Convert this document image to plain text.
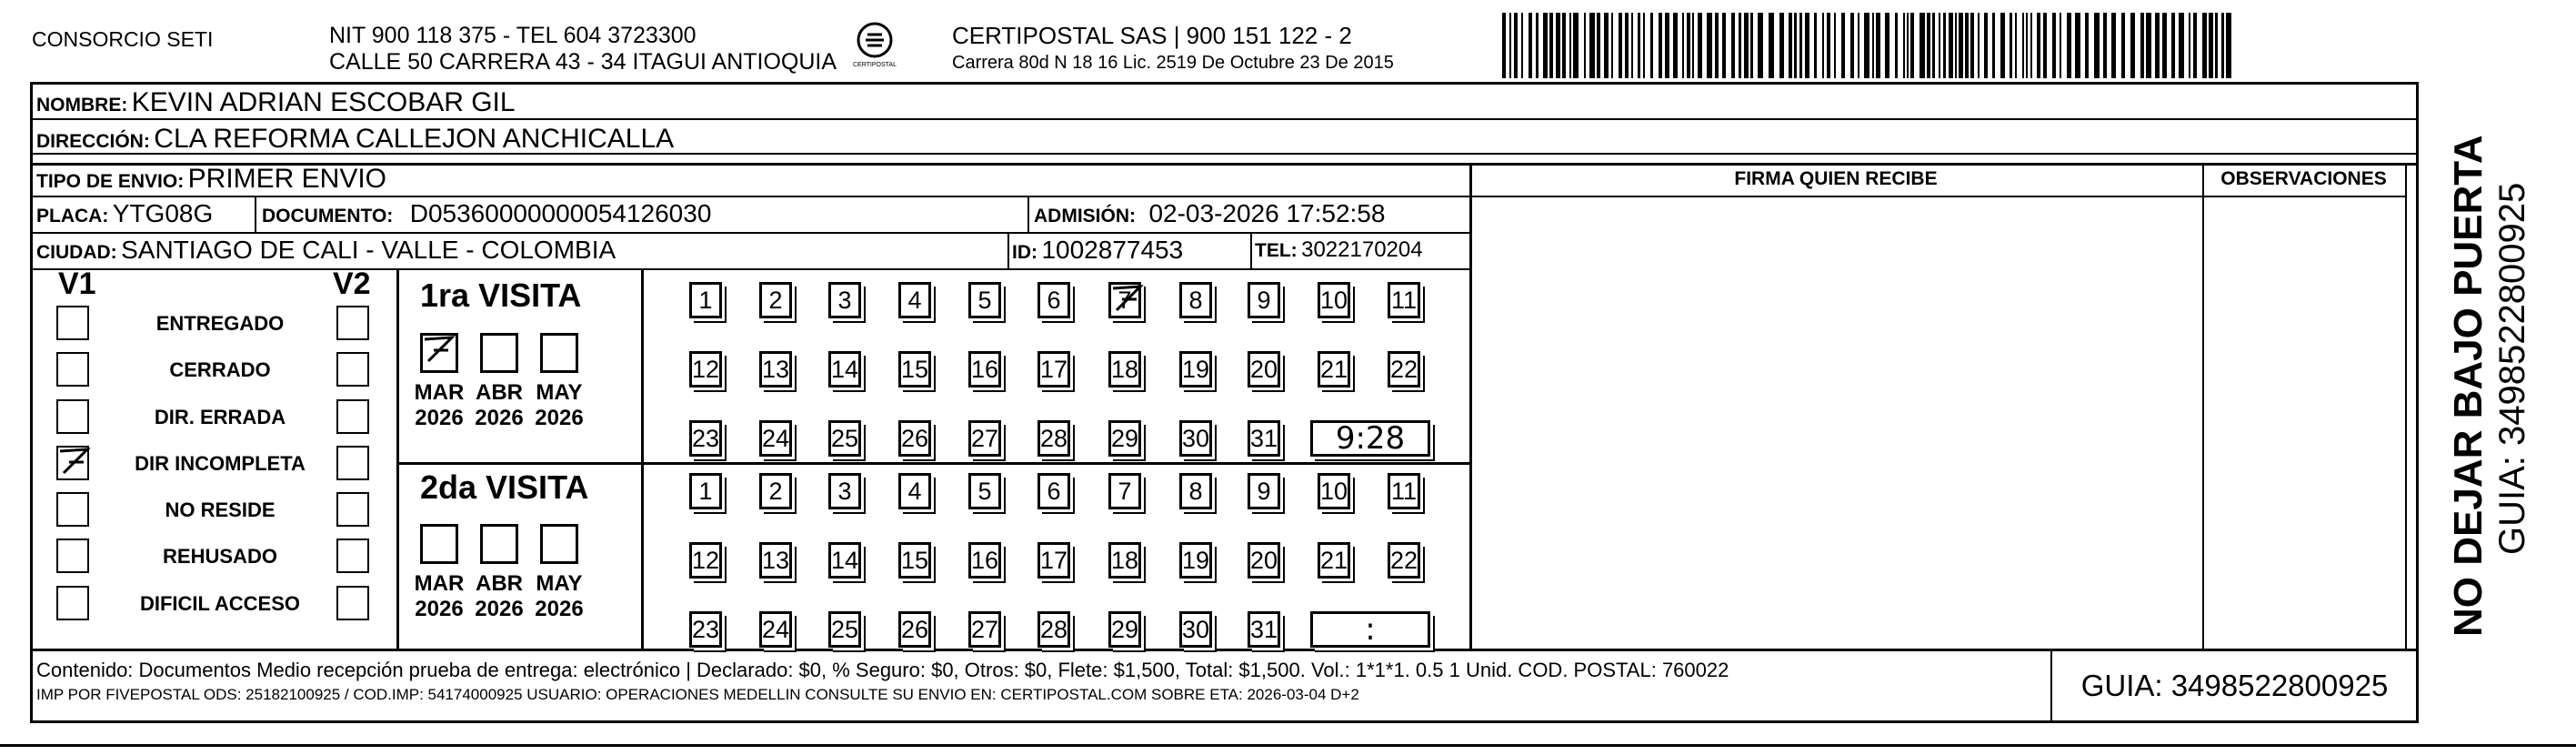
CONSORCIO SETI	NIT 900 118 375 - TEL 604 3723300
CALLE 50 CARRERA 43 - 34 ITAGUI ANTIOQUIA	CERTIPOSTAL
CERTIPOSTAL SAS | 900 151 122 - 2
Carrera 80d N 18 16 Lic. 2519 De Octubre 23 De 2015
NOMBRE: KEVIN ADRIAN ESCOBAR GIL
DIRECCIÓN: CLA REFORMA CALLEJON ANCHICALLA
TIPO DE ENVIO: PRIMER ENVIO	FIRMA QUIEN RECIBE	OBSERVACIONES
PLACA: YTG08G	DOCUMENTO: D05360000000054126030	ADMISIÓN: 02-03-2026 17:52:58
CIUDAD: SANTIAGO DE CALI - VALLE - COLOMBIA	ID: 1002877453	TEL: 3022170204
V1	V2
ENTREGADO
CERRADO
DIR. ERRADA
DIR INCOMPLETA
NO RESIDE
REHUSADO
DIFICIL ACCESO
1ra VISITA
2da VISITA
MAR
2026
ABR
2026
MAY
2026
1	2	3	4	5	6	7	8	9	10 11
12 13 14 15 16 17 18 19 20 21 22
23 24 25 26 27 28 29 30 31	9:28
MAR
2026
ABR
2026
MAY
2026
1	2	3	4	5	6	7	8	9	10 11
12 13 14 15 16 17 18 19 20 21 22
23 24 25 26 27 28 29 30 31	:
Contenido: Documentos Medio recepción prueba de entrega: electrónico | Declarado: $0, % Seguro: $0, Otros: $0, Flete: $1,500, Total: $1,500. Vol.: 1*1*1. 0.5 1 Unid. COD. POSTAL: 760022
IMP POR FIVEPOSTAL ODS: 25182100925 / COD.IMP: 54174000925 USUARIO: OPERACIONES MEDELLIN CONSULTE SU ENVIO EN: CERTIPOSTAL.COM SOBRE ETA: 2026-03-04 D+2	GUIA: 3498522800925
NO DEJAR BAJO PUERTA GUIA: 3498522800925
